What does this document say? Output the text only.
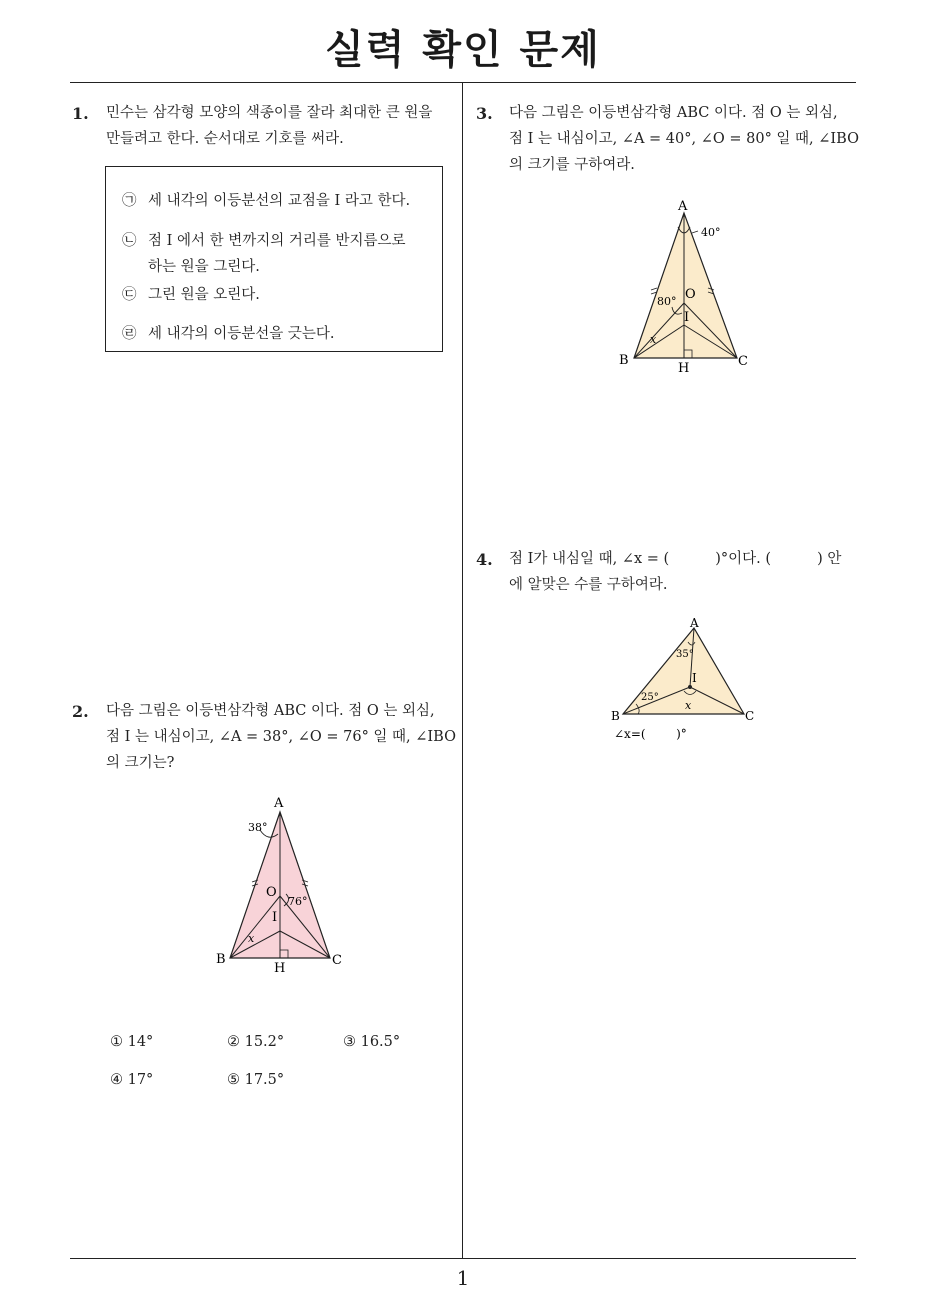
실력 확인 문제
1
1. 민수는 삼각형 모양의 색종이를 잘라 최대한 큰 원을
만들려고 한다. 순서대로 기호를 써라.
㉠ 세 내각의 이등분선의 교점을 I 라고 한다.
㉡ 점 I 에서 한 변까지의 거리를 반지름으로
하는 원을 그린다.
㉢ 그린 원을 오린다.
㉣ 세 내각의 이등분선을 긋는다.
2. 다음 그림은 이등변삼각형 ABC 이다. 점 O 는 외심,
점 I 는 내심이고, ∠A = 38°, ∠O = 76° 일 때, ∠IBO
의 크기는?
A
B	C
O
I
H
38°
76°
x
① 14°	② 15.2°	③ 16.5°
④ 17°	⑤ 17.5°
3. 다음 그림은 이등변삼각형 ABC 이다. 점 O 는 외심,
점 I 는 내심이고, ∠A = 40°, ∠O = 80° 일 때, ∠IBO
의 크기를 구하여라.
A
B	C
O
I
H
40°
80°
x
4. 점 I가 내심일 때, ∠x = (          )°이다. (          ) 안
에 알맞은 수를 구하여라.
A
B	C
I
35°
25°
x
∠x=(        )°
